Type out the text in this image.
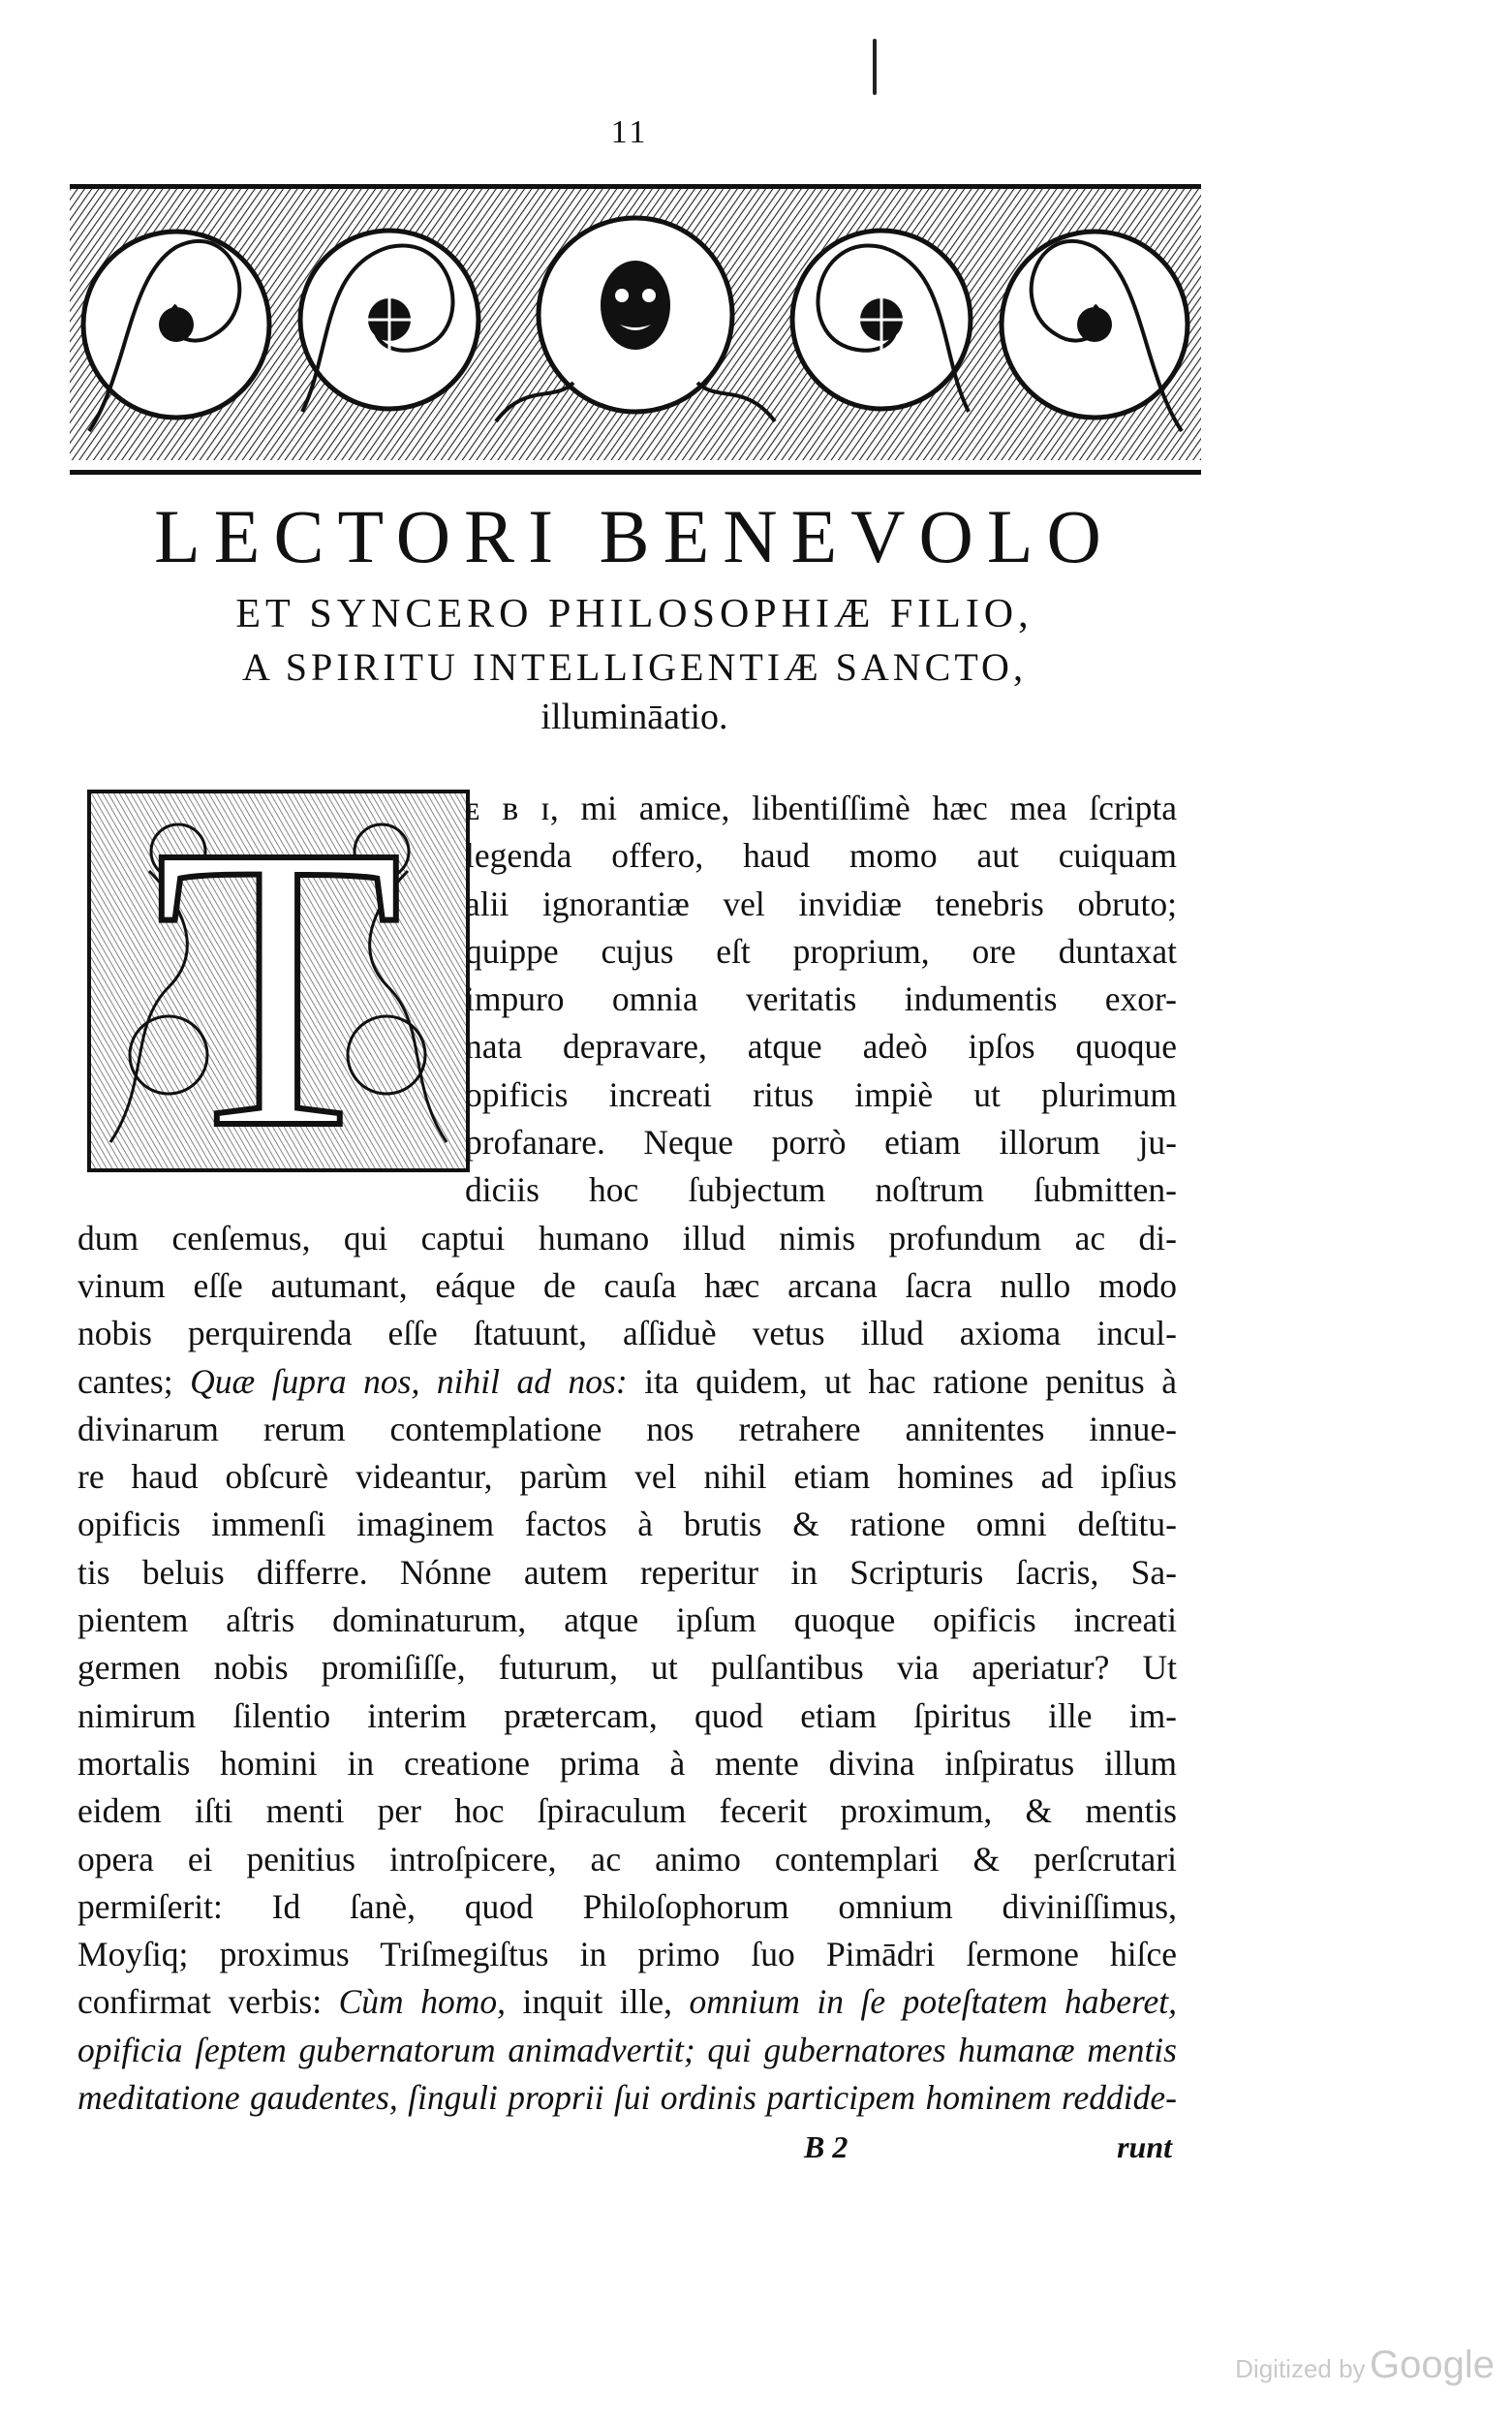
11
LECTORI BENEVOLO
ET SYNCERO PHILOSOPHIÆ FILIO,
A SPIRITU INTELLIGENTIÆ SANCTO,
illumināatio.
T	ᴇ ʙ ɪ, mi amice, libentiſſimè hæc mea ſcripta
legenda offero, haud momo aut cuiquam
alii ignorantiæ vel invidiæ tenebris obruto;
quippe cujus eſt proprium, ore duntaxat
impuro omnia veritatis indumentis exor-
nata depravare, atque adeò ipſos quoque
opificis increati ritus impiè ut plurimum
profanare. Neque porrò etiam illorum ju-
diciis hoc ſubjectum noſtrum ſubmitten-
dum cenſemus, qui captui humano illud nimis profundum ac di-
vinum eſſe autumant, eáque de cauſa hæc arcana ſacra nullo modo
nobis perquirenda eſſe ſtatuunt, aſſiduè vetus illud axioma incul-
cantes; Quæ ſupra nos, nihil ad nos: ita quidem, ut hac ratione penitus à
divinarum rerum contemplatione nos retrahere annitentes innue-
re haud obſcurè videantur, parùm vel nihil etiam homines ad ipſius
opificis immenſi imaginem factos à brutis & ratione omni deſtitu-
tis beluis differre. Nónne autem reperitur in Scripturis ſacris, Sa-
pientem aſtris dominaturum, atque ipſum quoque opificis increati
germen nobis promiſiſſe, futurum, ut pulſantibus via aperiatur? Ut
nimirum ſilentio interim prætercam, quod etiam ſpiritus ille im-
mortalis homini in creatione prima à mente divina inſpiratus illum
eidem iſti menti per hoc ſpiraculum fecerit proximum, & mentis
opera ei penitius introſpicere, ac animo contemplari & perſcrutari
permiſerit: Id ſanè, quod Philoſophorum omnium diviniſſimus,
Moyſiq; proximus Triſmegiſtus in primo ſuo Pimādri ſermone hiſce
confirmat verbis: Cùm homo, inquit ille, omnium in ſe poteſtatem haberet,
opificia ſeptem gubernatorum animadvertit; qui gubernatores humanæ mentis
meditatione gaudentes, ſinguli proprii ſui ordinis participem hominem reddide-
B 2	runt
Digitized by Google
